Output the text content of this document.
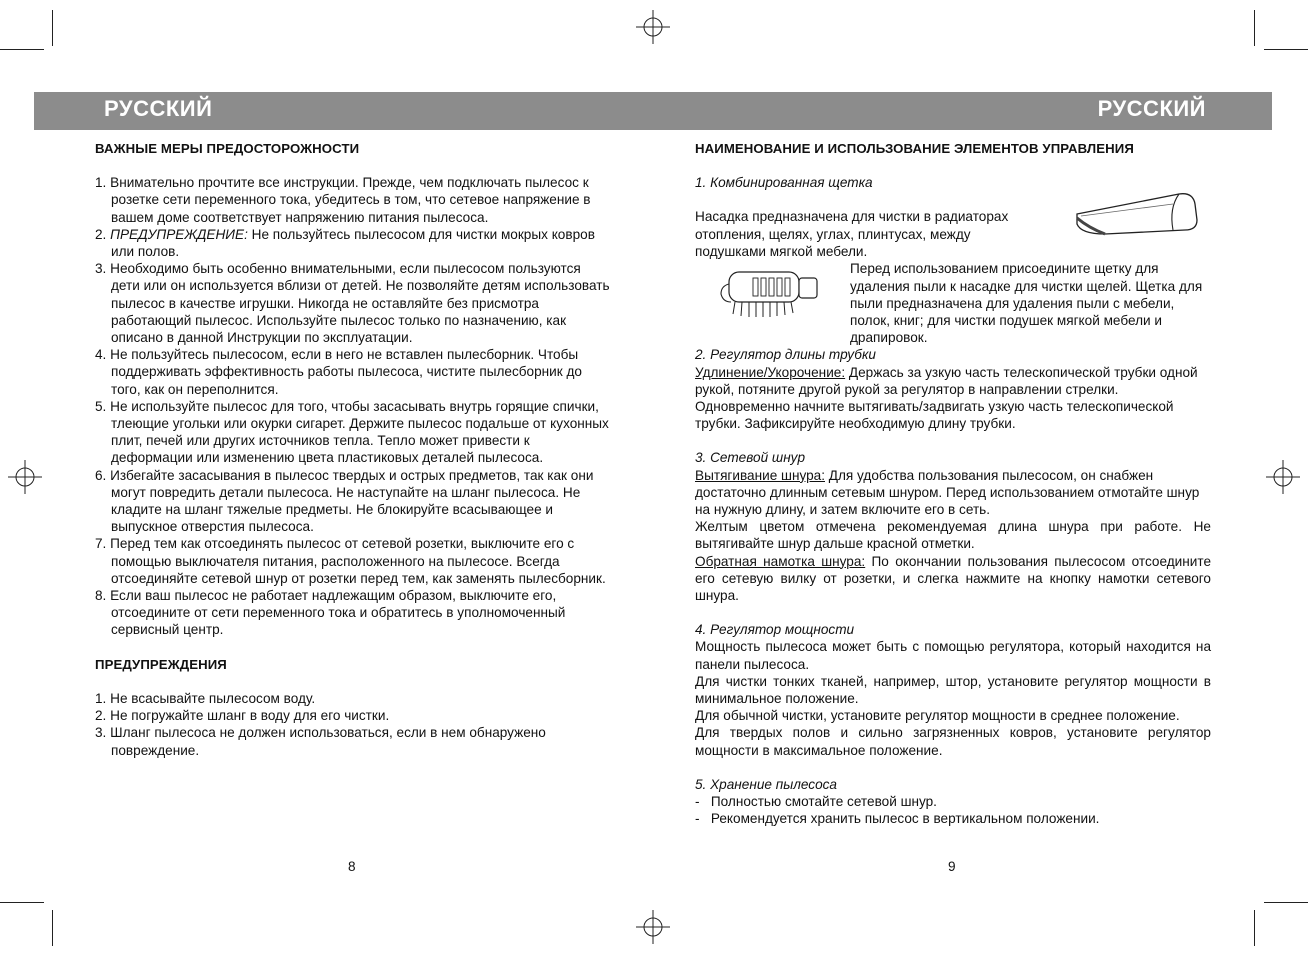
РУССКИЙ	РУССКИЙ

ВАЖНЫЕ МЕРЫ ПРЕДОСТОРОЖНОСТИ

1. Внимательно прочтите все инструкции. Прежде, чем подключать пылесос к розетке сети переменного тока, убедитесь в том, что сетевое напряжение в вашем доме соответствует напряжению питания пылесоса.
2. ПРЕДУПРЕЖДЕНИЕ: Не пользуйтесь пылесосом для чистки мокрых ковров или полов.
3. Необходимо быть особенно внимательными, если пылесосом пользуются дети или он используется вблизи от детей. Не позволяйте детям использовать пылесос в качестве игрушки. Никогда не оставляйте без присмотра работающий пылесос. Используйте пылесос только по назначению, как описано в данной Инструкции по эксплуатации.
4. Не пользуйтесь пылесосом, если в него не вставлен пылесборник. Чтобы поддерживать эффективность работы пылесоса, чистите пылесборник до того, как он переполнится.
5. Не используйте пылесос для того, чтобы засасывать внутрь горящие спички, тлеющие угольки или окурки сигарет. Держите пылесос подальше от кухонных плит, печей или других источников тепла. Тепло может привести к деформации или изменению цвета пластиковых деталей пылесоса.
6. Избегайте засасывания в пылесос твердых и острых предметов, так как они могут повредить детали пылесоса. Не наступайте на шланг пылесоса. Не кладите на шланг тяжелые предметы. Не блокируйте всасывающее и выпускное отверстия пылесоса.
7. Перед тем как отсоединять пылесос от сетевой розетки, выключите его с помощью выключателя питания, расположенного на пылесосе. Всегда отсоединяйте сетевой шнур от розетки перед тем, как заменять пылесборник.
8. Если ваш пылесос не работает надлежащим образом, выключите его, отсоедините от сети переменного тока и обратитесь в уполномоченный сервисный центр.

ПРЕДУПРЕЖДЕНИЯ

1. Не всасывайте пылесосом воду.
2. Не погружайте шланг в воду для его чистки.
3. Шланг пылесоса не должен использоваться, если в нем обнаружено повреждение.
8

НАИМЕНОВАНИЕ И ИСПОЛЬЗОВАНИЕ ЭЛЕМЕНТОВ УПРАВЛЕНИЯ

1. Комбинированная щетка
Насадка предназначена для чистки в радиаторах отопления, щелях, углах, плинтусах, между подушками мягкой мебели.
Перед использованием присоедините щетку для удаления пыли к насадке для чистки щелей. Щетка для пыли предназначена для удаления пыли с мебели, полок, книг; для чистки подушек мягкой мебели и драпировок.
2. Регулятор длины трубки
Удлинение/Укорочение: Держась за узкую часть телескопической трубки одной рукой, потяните другой рукой за регулятор в направлении стрелки. Одновременно начните вытягивать/задвигать узкую часть телескопической трубки. Зафиксируйте необходимую длину трубки.
3. Сетевой шнур
Вытягивание шнура: Для удобства пользования пылесосом, он снабжен достаточно длинным сетевым шнуром. Перед использованием отмотайте шнур на нужную длину, и затем включите его в сеть.
Желтым цветом отмечена рекомендуемая длина шнура при работе. Не вытягивайте шнур дальше красной отметки.
Обратная намотка шнура: По окончании пользования пылесосом отсоедините его сетевую вилку от розетки, и слегка нажмите на кнопку намотки сетевого шнура.
4. Регулятор мощности
Мощность пылесоса может быть с помощью регулятора, который находится на панели пылесоса.
Для чистки тонких тканей, например, штор, установите регулятор мощности в минимальное положение.
Для обычной чистки, установите регулятор мощности в среднее положение.
Для твердых полов и сильно загрязненных ковров, установите регулятор мощности в максимальное положение.
5. Хранение пылесоса
- Полностью смотайте сетевой шнур.
- Рекомендуется хранить пылесос в вертикальном положении.
9
